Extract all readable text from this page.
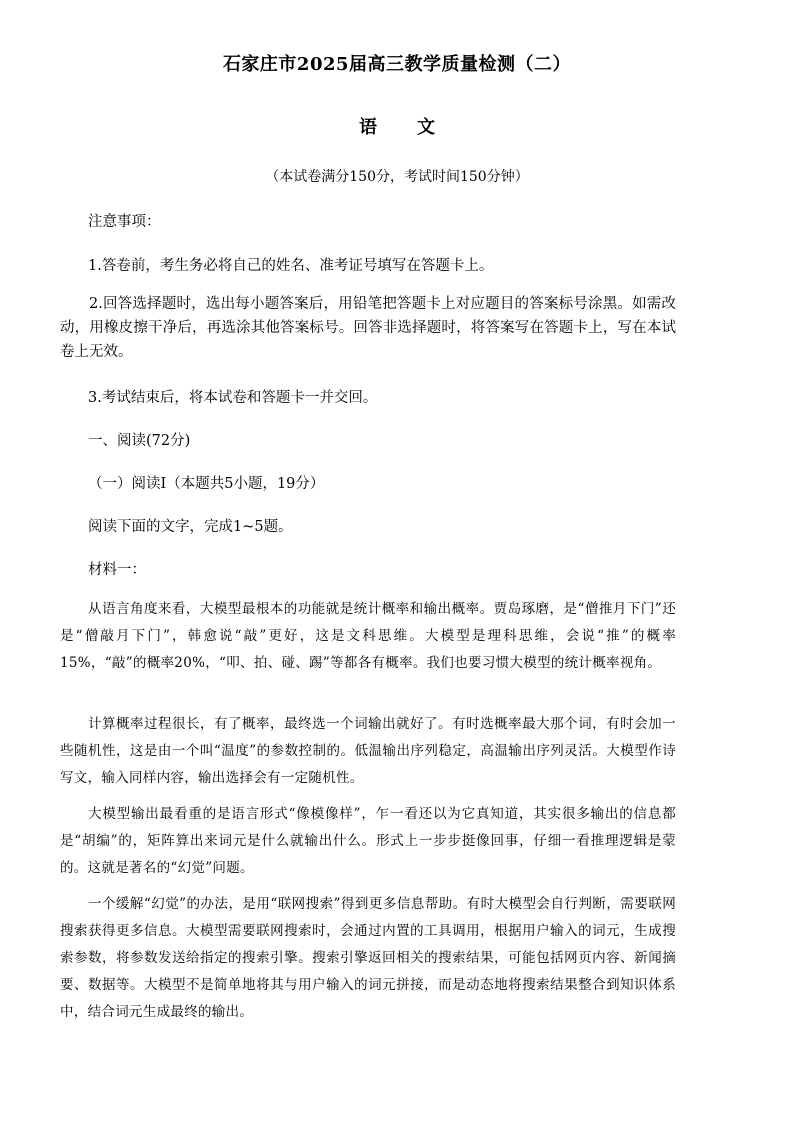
石家庄市2025届高三教学质量检测（二）
语文
（本试卷满分150分，考试时间150分钟）
注意事项：
1.答卷前，考生务必将自己的姓名、准考证号填写在答题卡上。
2.回答选择题时，选出每小题答案后，用铅笔把答题卡上对应题目的答案标号涂黑。如需改动，用橡皮擦干净后，再选涂其他答案标号。回答非选择题时，将答案写在答题卡上，写在本试卷上无效。
3.考试结束后，将本试卷和答题卡一并交回。
一、阅读(72分)
（一）阅读Ⅰ（本题共5小题，19分）
阅读下面的文字，完成1~5题。
材料一：
从语言角度来看，大模型最根本的功能就是统计概率和输出概率。贾岛琢磨，是“僧推月下门”还是“僧敲月下门”，韩愈说“敲”更好，这是文科思维。大模型是理科思维，会说“推”的概率15%，“敲”的概率20%，“叩、拍、碰、踢”等都各有概率。我们也要习惯大模型的统计概率视角。
计算概率过程很长，有了概率，最终选一个词输出就好了。有时选概率最大那个词，有时会加一些随机性，这是由一个叫“温度”的参数控制的。低温输出序列稳定，高温输出序列灵活。大模型作诗写文，输入同样内容，输出选择会有一定随机性。
大模型输出最看重的是语言形式“像模像样”，乍一看还以为它真知道，其实很多输出的信息都是“胡编”的，矩阵算出来词元是什么就输出什么。形式上一步步挺像回事，仔细一看推理逻辑是蒙的。这就是著名的“幻觉”问题。
一个缓解“幻觉”的办法，是用“联网搜索”得到更多信息帮助。有时大模型会自行判断，需要联网搜索获得更多信息。大模型需要联网搜索时，会通过内置的工具调用，根据用户输入的词元，生成搜索参数，将参数发送给指定的搜索引擎。搜索引擎返回相关的搜索结果，可能包括网页内容、新闻摘要、数据等。大模型不是简单地将其与用户输入的词元拼接，而是动态地将搜索结果整合到知识体系中，结合词元生成最终的输出。
